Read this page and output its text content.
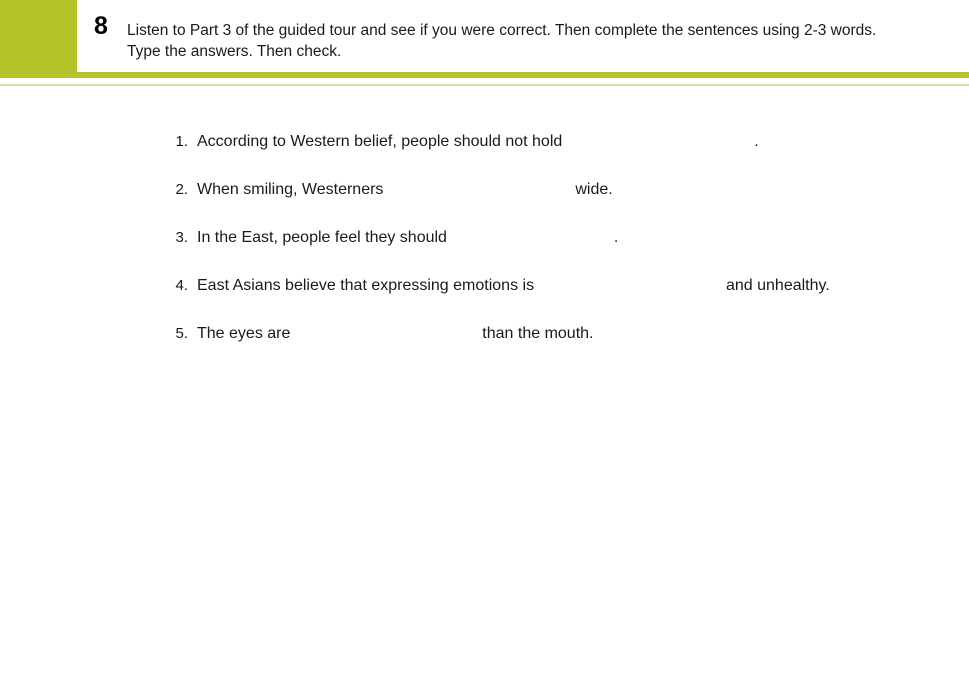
8 Listen to Part 3 of the guided tour and see if you were correct. Then complete the sentences using 2-3 words. Type the answers. Then check.
1. According to Western belief, people should not hold	.
2. When smiling, Westerners	wide.
3. In the East, people feel they should	.
4. East Asians believe that expressing emotions is	and unhealthy.
5. The eyes are	than the mouth.
